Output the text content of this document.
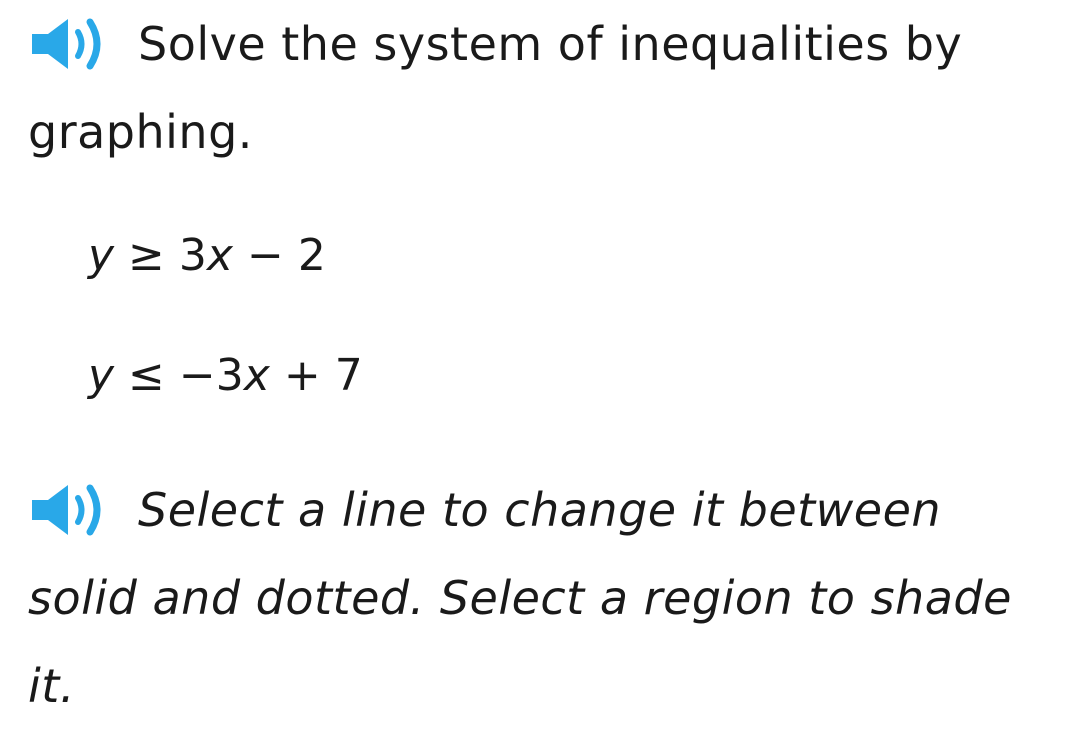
Solve the system of inequalities by graphing.
y ≥ 3x − 2
y ≤ −3x + 7
Select a line to change it between solid and dotted. Select a region to shade it.
